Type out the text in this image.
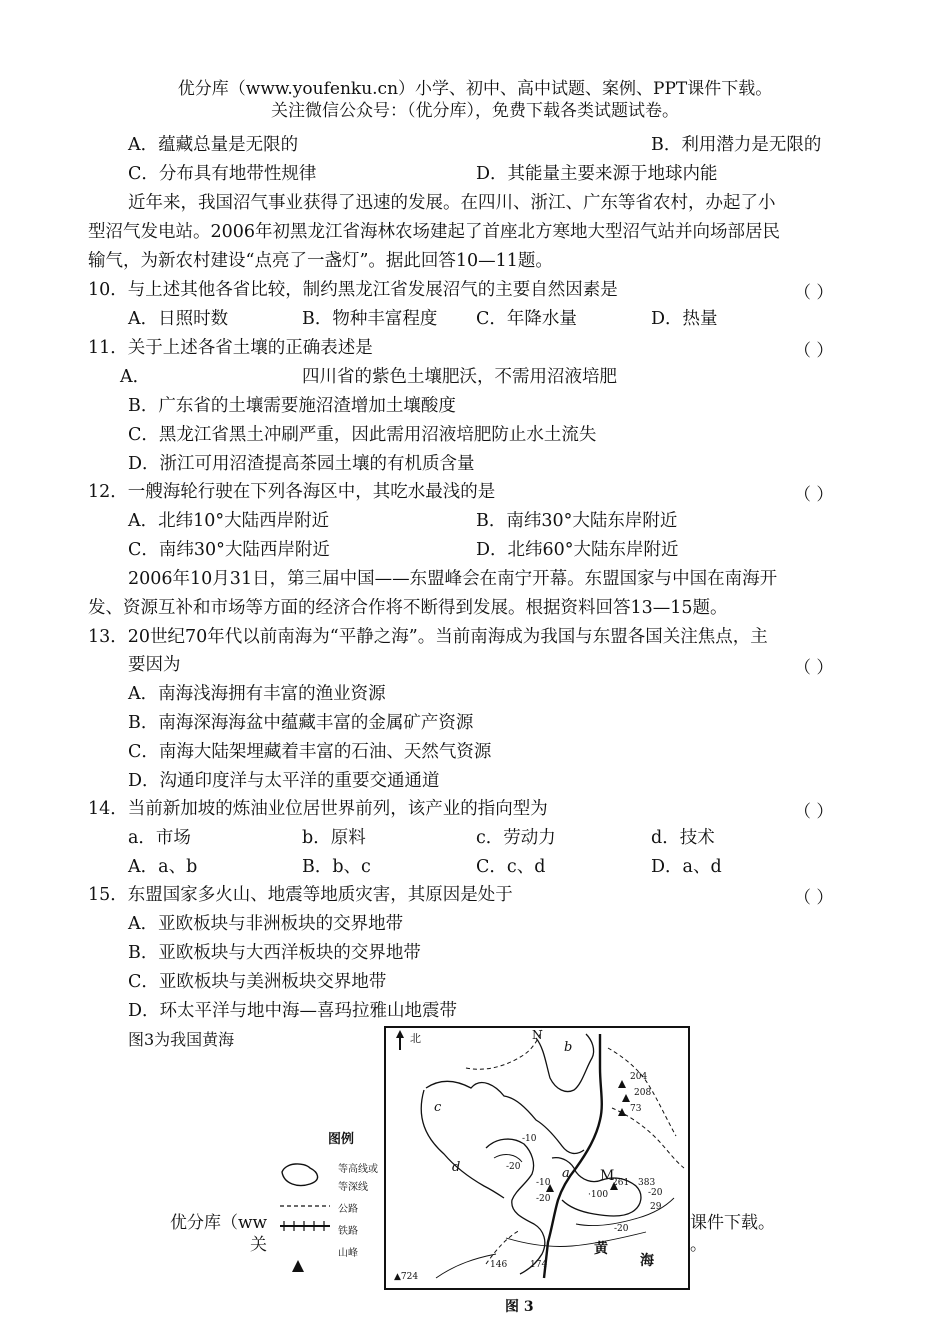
优分库（www.youfenku.cn）小学、初中、高中试题、案例、PPT课件下载。
关注微信公众号：（优分库），免费下载各类试题试卷。
A．蕴藏总量是无限的	B．利用潜力是无限的
C．分布具有地带性规律	D．其能量主要来源于地球内能
近年来，我国沼气事业获得了迅速的发展。在四川、浙江、广东等省农村，办起了小
型沼气发电站。2006年初黑龙江省海林农场建起了首座北方寒地大型沼气站并向场部居民
输气，为新农村建设“点亮了一盏灯”。据此回答10—11题。
10．与上述其他各省比较，制约黑龙江省发展沼气的主要自然因素是	（ ）
A．日照时数	B．物种丰富程度 C．年降水量	D．热量
11．关于上述各省土壤的正确表述是	（ ）
A．	四川省的紫色土壤肥沃，不需用沼液培肥
B．广东省的土壤需要施沼渣增加土壤酸度
C．黑龙江省黑土冲刷严重，因此需用沼液培肥防止水土流失
D．浙江可用沼渣提高茶园土壤的有机质含量
12．一艘海轮行驶在下列各海区中，其吃水最浅的是	（ ）
A．北纬10°大陆西岸附近	B．南纬30°大陆东岸附近
C．南纬30°大陆西岸附近	D．北纬60°大陆东岸附近
2006年10月31日，第三届中国——东盟峰会在南宁开幕。东盟国家与中国在南海开
发、资源互补和市场等方面的经济合作将不断得到发展。根据资料回答13—15题。
13．20世纪70年代以前南海为“平静之海”。当前南海成为我国与东盟各国关注焦点，主
要因为	（ ）
A．南海浅海拥有丰富的渔业资源
B．南海深海海盆中蕴藏丰富的金属矿产资源
C．南海大陆架埋藏着丰富的石油、天然气资源
D．沟通印度洋与太平洋的重要交通通道
14．当前新加坡的炼油业位居世界前列，该产业的指向型为	（ ）
a．市场	b．原料	c．劳动力	d．技术
A．a、b	B．b、c	C．c、d	D．a、d
15．东盟国家多火山、地震等地质灾害，其原因是处于	（ ）
A．亚欧板块与非洲板块的交界地带
B．亚欧板块与大西洋板块的交界地带
C．亚欧板块与美洲板块交界地带
D．环太平洋与地中海—喜玛拉雅山地震带
图3为我国黄海
优分库（ww	课件下载。
关	。
图例
等高线或
等深线
公路
铁路
山峰
北	N
b
c
d	a M
204
208
73
-10
-20
-10
-20	·100
261 383
-20
29
-20
146	174
▲724
黄
海
图 3
